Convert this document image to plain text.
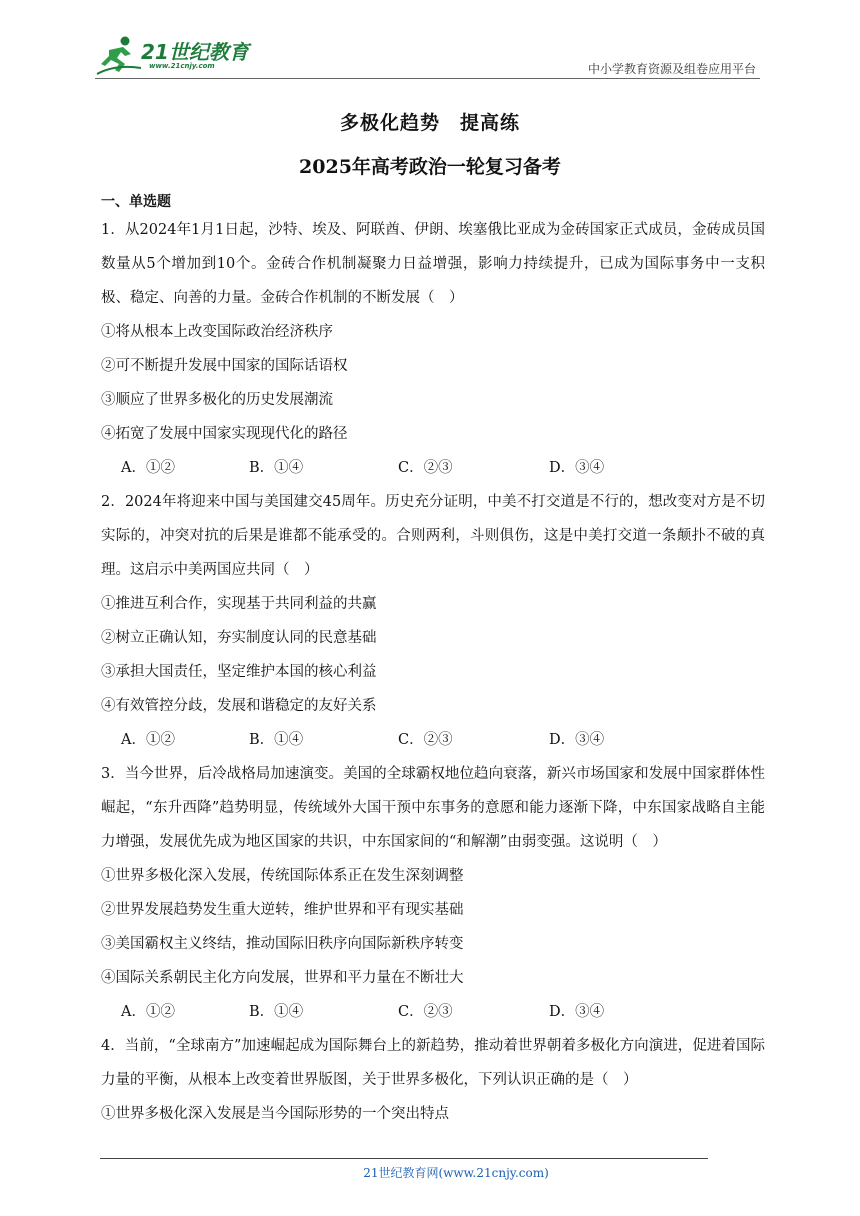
21世纪教育
www.21cnjy.com	中小学教育资源及组卷应用平台
多极化趋势　提高练
2025年高考政治一轮复习备考
一、单选题

1．从2024年1月1日起，沙特、埃及、阿联酋、伊朗、埃塞俄比亚成为金砖国家正式成员，金砖成员国数量从5个增加到10个。金砖合作机制凝聚力日益增强，影响力持续提升，已成为国际事务中一支积极、稳定、向善的力量。金砖合作机制的不断发展（　）

①将从根本上改变国际政治经济秩序

②可不断提升发展中国家的国际话语权

③顺应了世界多极化的历史发展潮流

④拓宽了发展中国家实现现代化的路径

A．①②	B．①④	C．②③	D．③④

2．2024年将迎来中国与美国建交45周年。历史充分证明，中美不打交道是不行的，想改变对方是不切实际的，冲突对抗的后果是谁都不能承受的。合则两利，斗则俱伤，这是中美打交道一条颠扑不破的真理。这启示中美两国应共同（　）

①推进互利合作，实现基于共同利益的共赢

②树立正确认知，夯实制度认同的民意基础

③承担大国责任，坚定维护本国的核心利益

④有效管控分歧，发展和谐稳定的友好关系

A．①②	B．①④	C．②③	D．③④

3．当今世界，后冷战格局加速演变。美国的全球霸权地位趋向衰落，新兴市场国家和发展中国家群体性崛起，“东升西降”趋势明显，传统域外大国干预中东事务的意愿和能力逐渐下降，中东国家战略自主能力增强，发展优先成为地区国家的共识，中东国家间的“和解潮”由弱变强。这说明（　）

①世界多极化深入发展，传统国际体系正在发生深刻调整

②世界发展趋势发生重大逆转，维护世界和平有现实基础

③美国霸权主义终结，推动国际旧秩序向国际新秩序转变

④国际关系朝民主化方向发展，世界和平力量在不断壮大

A．①②	B．①④	C．②③	D．③④

4．当前，“全球南方”加速崛起成为国际舞台上的新趋势，推动着世界朝着多极化方向演进，促进着国际力量的平衡，从根本上改变着世界版图，关于世界多极化，下列认识正确的是（　）

①世界多极化深入发展是当今国际形势的一个突出特点

21世纪教育网(www.21cnjy.com)
